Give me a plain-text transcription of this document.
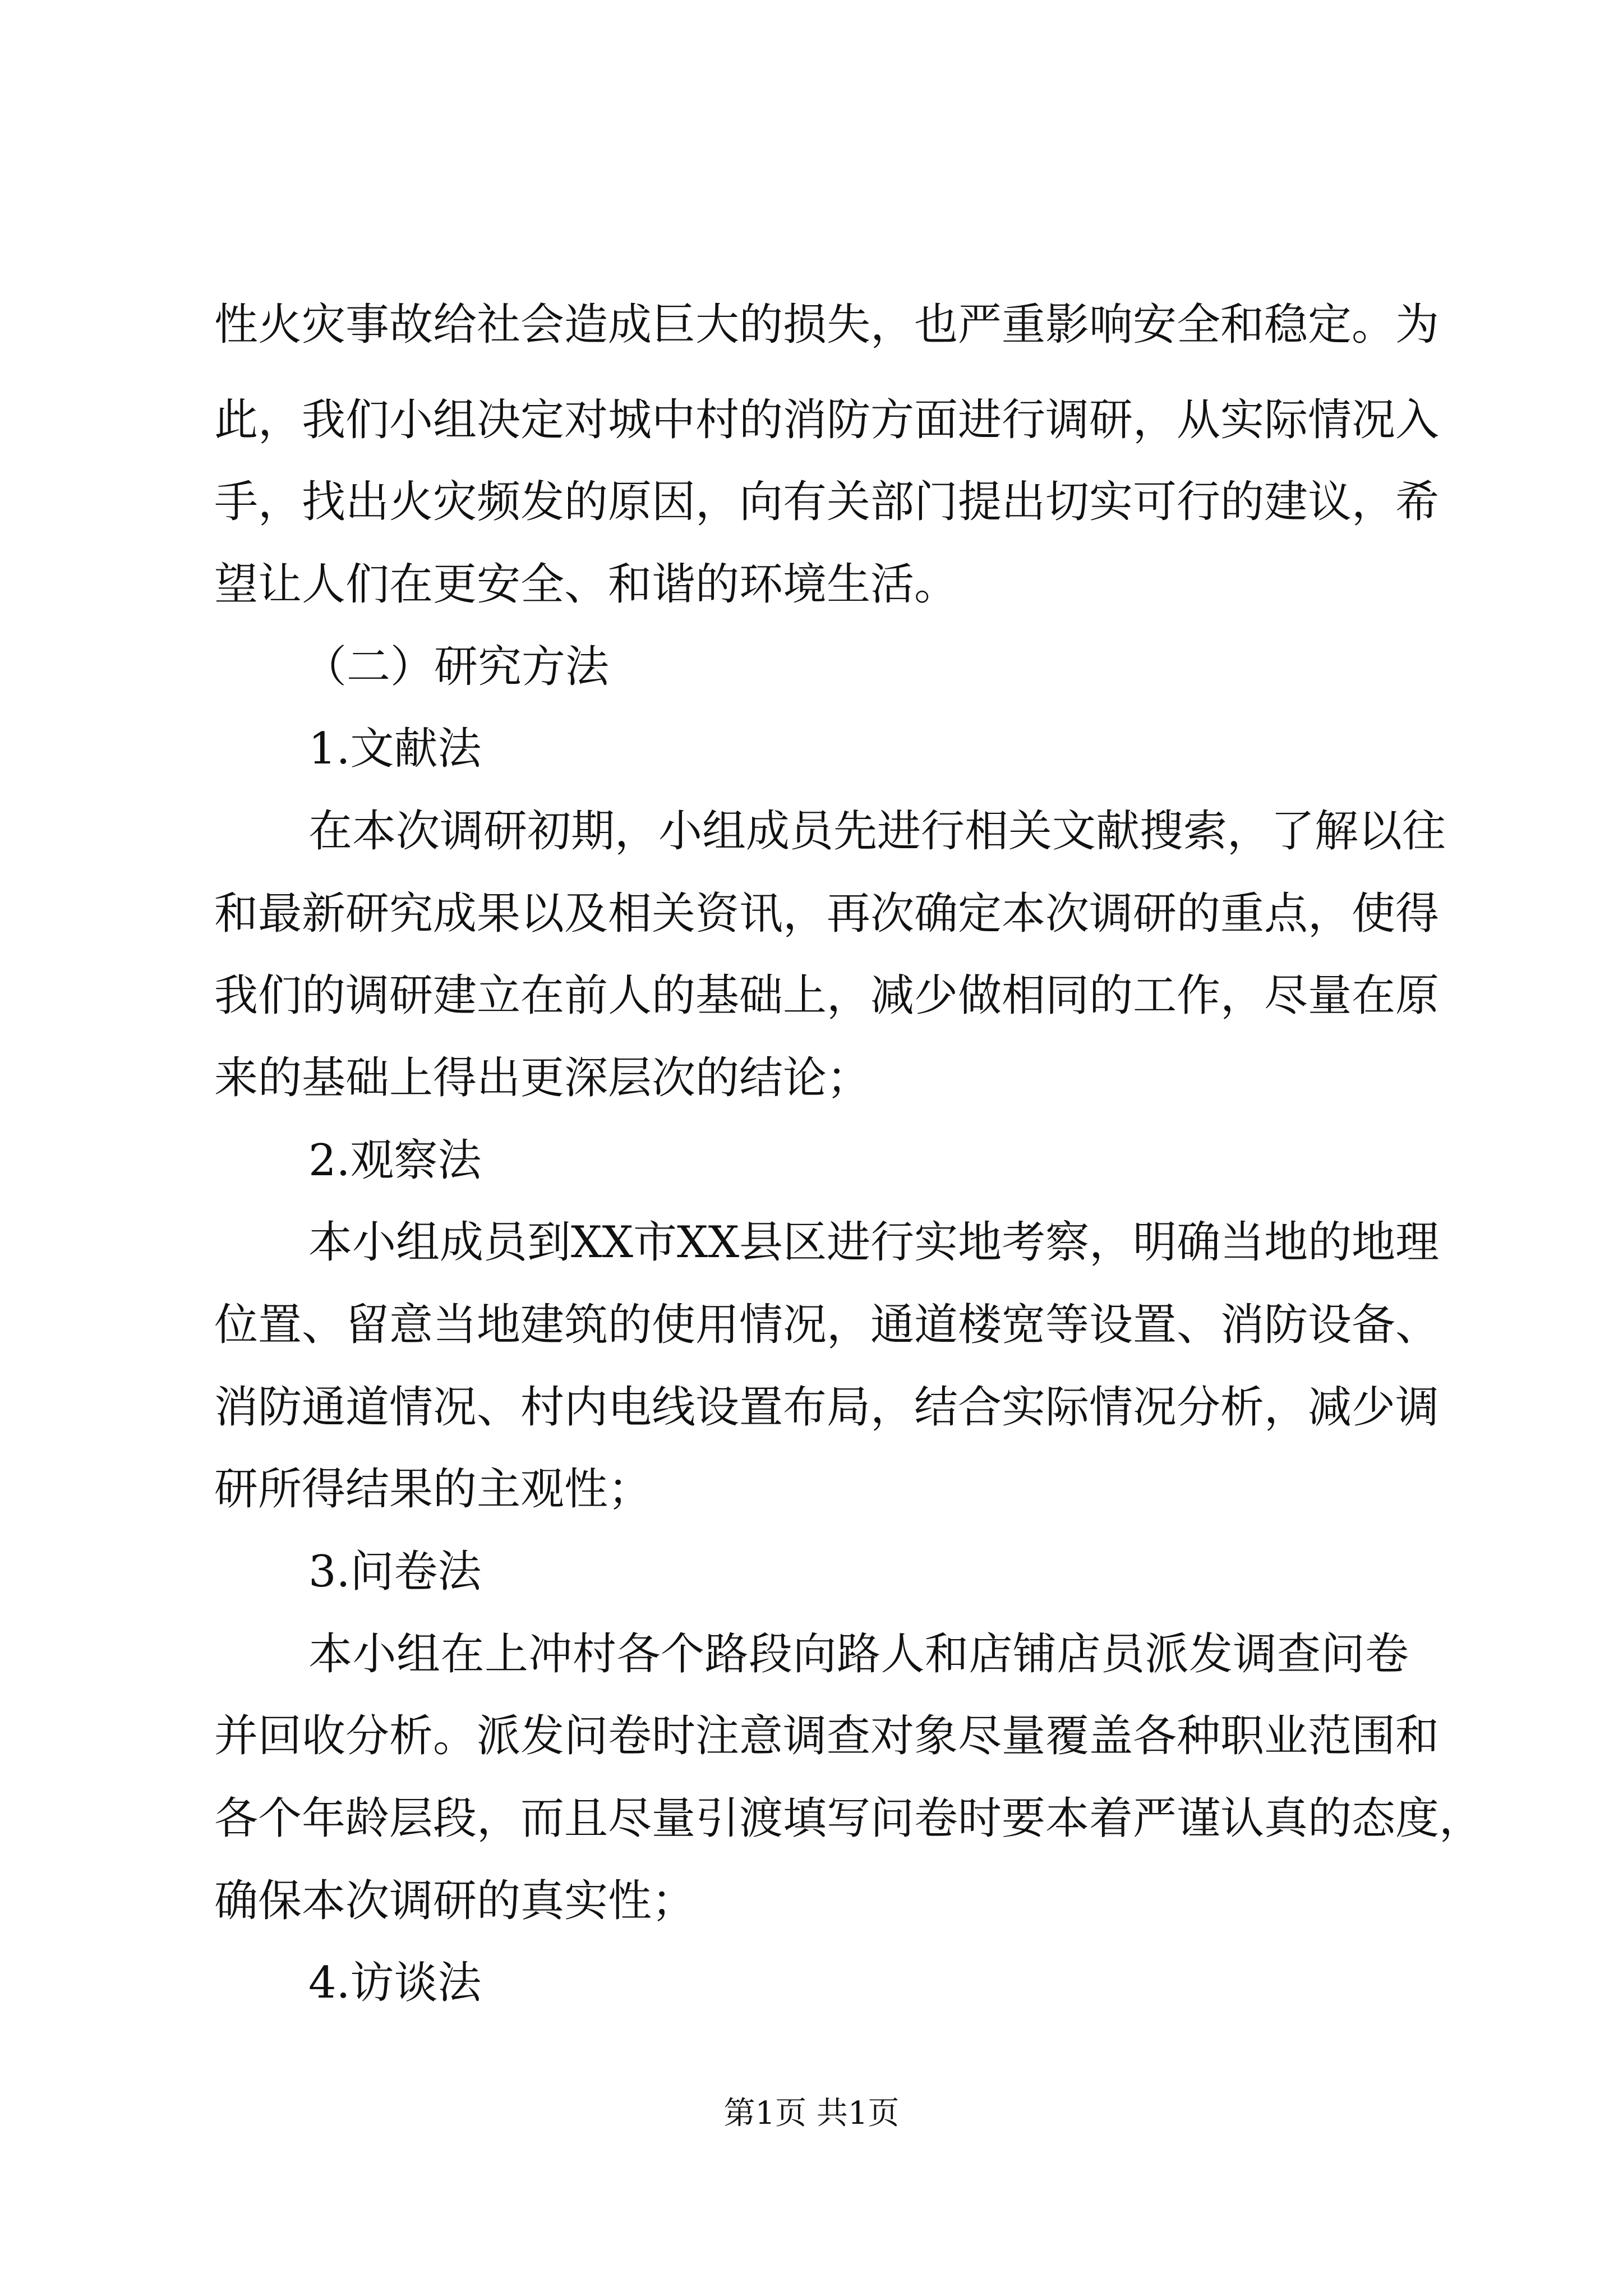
性火灾事故给社会造成巨大的损失，也严重影响安全和稳定。为
此，我们小组决定对城中村的消防方面进行调研，从实际情况入
手，找出火灾频发的原因，向有关部门提出切实可行的建议，希
望让人们在更安全、和谐的环境生活。
（二）研究方法
1.文献法
在本次调研初期，小组成员先进行相关文献搜索，了解以往
和最新研究成果以及相关资讯，再次确定本次调研的重点，使得
我们的调研建立在前人的基础上，减少做相同的工作，尽量在原
来的基础上得出更深层次的结论；
2.观察法
本小组成员到XX市XX县区进行实地考察，明确当地的地理
位置、留意当地建筑的使用情况，通道楼宽等设置、消防设备、
消防通道情况、村内电线设置布局，结合实际情况分析，减少调
研所得结果的主观性；
3.问卷法
本小组在上冲村各个路段向路人和店铺店员派发调查问卷
并回收分析。派发问卷时注意调查对象尽量覆盖各种职业范围和
各个年龄层段，而且尽量引渡填写问卷时要本着严谨认真的态度，
确保本次调研的真实性；
4.访谈法
第1页 共1页
